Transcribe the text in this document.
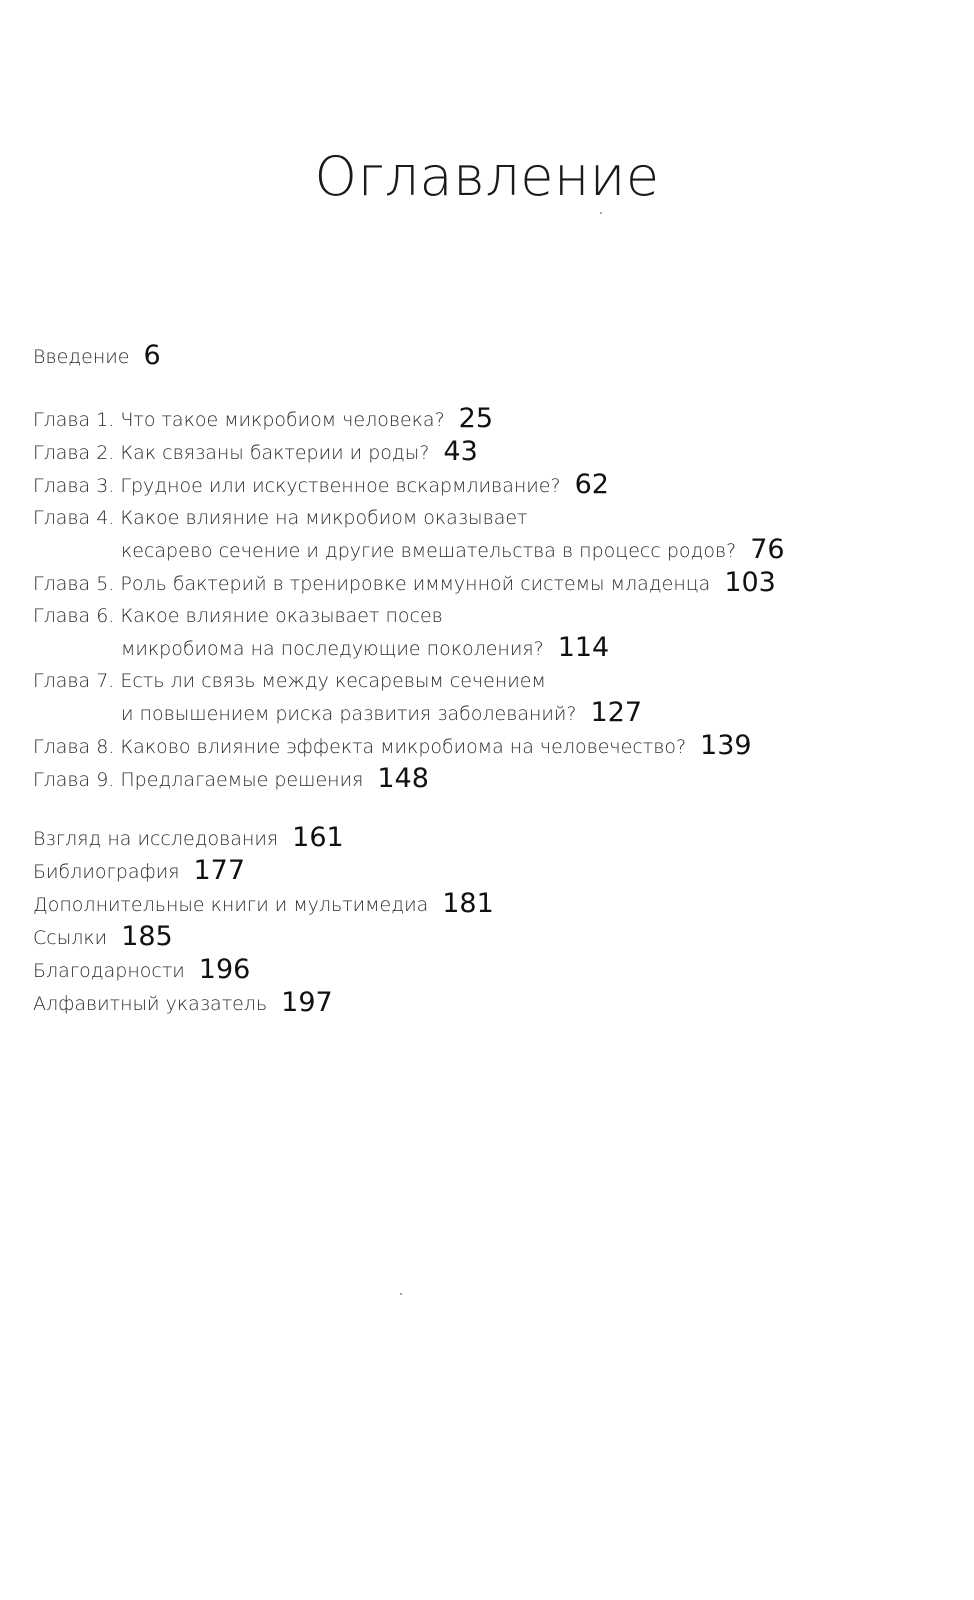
Оглавление
Введение 6
Глава 1. Что такое микробиом человека? 25
Глава 2. Как связаны бактерии и роды? 43
Глава 3. Грудное или искуственное вскармливание? 62
Глава 4. Какое влияние на микробиом оказывает
кесарево сечение и другие вмешательства в процесс родов? 76
Глава 5. Роль бактерий в тренировке иммунной системы младенца 103
Глава 6. Какое влияние оказывает посев
микробиома на последующие поколения? 114
Глава 7. Есть ли связь между кесаревым сечением
и повышением риска развития заболеваний? 127
Глава 8. Каково влияние эффекта микробиома на человечество? 139
Глава 9. Предлагаемые решения 148
Взгляд на исследования 161
Библиография 177
Дополнительные книги и мультимедиа 181
Ссылки 185
Благодарности 196
Алфавитный указатель 197
